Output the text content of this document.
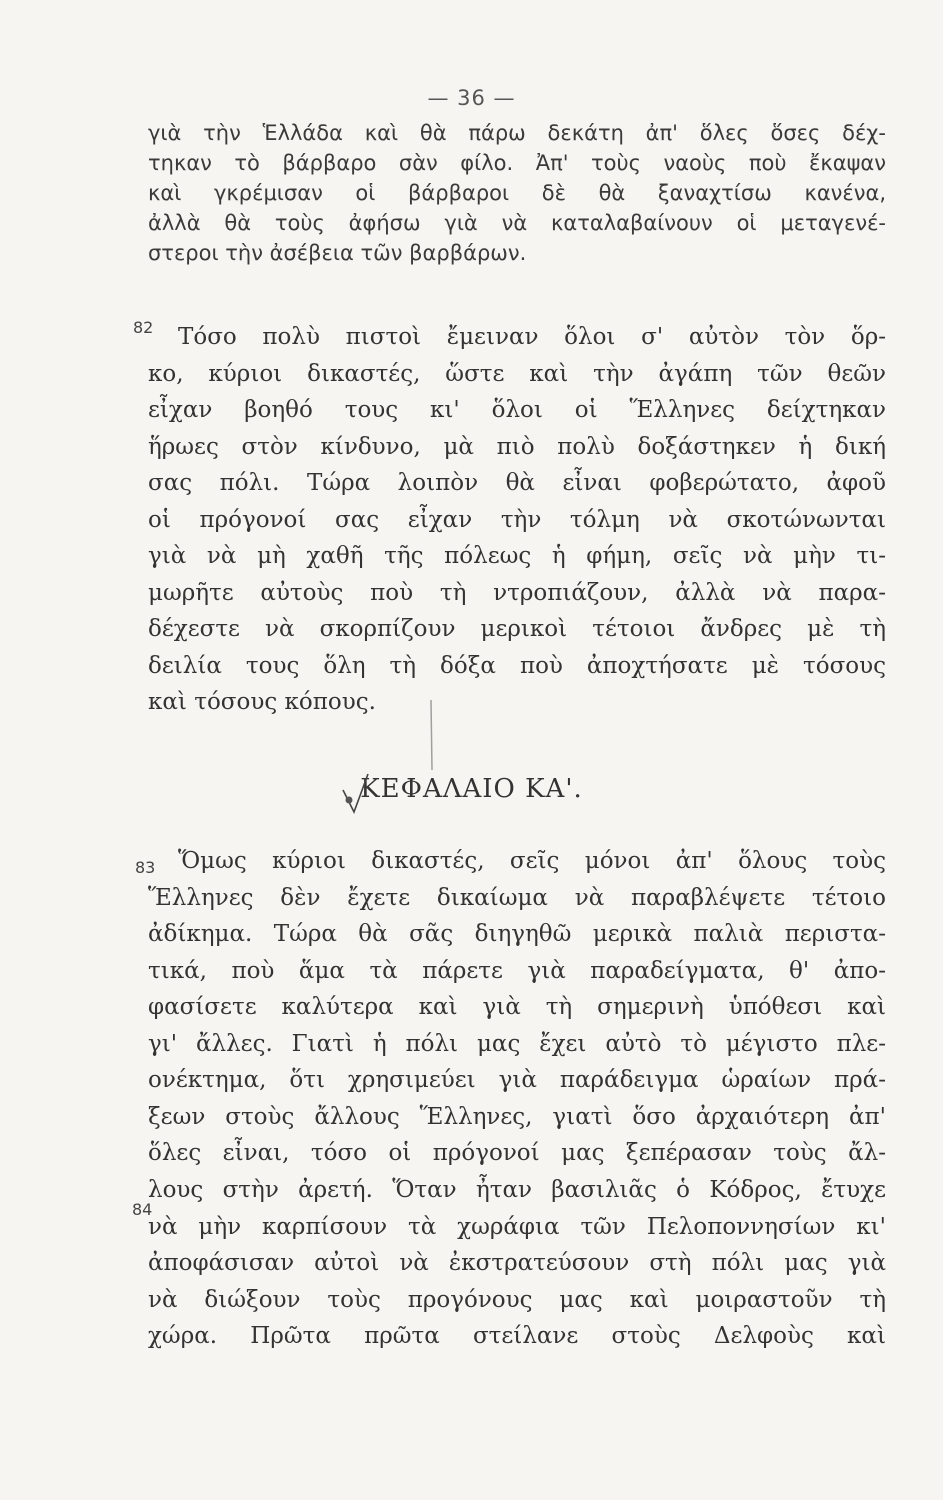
— 36 —
γιὰ τὴν Ἑλλάδα καὶ θὰ πάρω δεκάτη ἀπ' ὅλες ὅσες δέχ-
τηκαν τὸ βάρβαρο σὰν φίλο. Ἀπ' τοὺς ναοὺς ποὺ ἔκαψαν
καὶ γκρέμισαν οἱ βάρβαροι δὲ θὰ ξαναχτίσω κανένα,
ἀλλὰ θὰ τοὺς ἀφήσω γιὰ νὰ καταλαβαίνουν οἱ μεταγενέ-
στεροι τὴν ἀσέβεια τῶν βαρβάρων.
82	Τόσο πολὺ πιστοὶ ἔμειναν ὅλοι σ' αὐτὸν τὸν ὅρ-
κο, κύριοι δικαστές, ὥστε καὶ τὴν ἀγάπη τῶν θεῶν
εἶχαν βοηθό τους κι' ὅλοι οἱ Ἕλληνες δείχτηκαν
ἥρωες στὸν κίνδυνο, μὰ πιὸ πολὺ δοξάστηκεν ἡ δική
σας πόλι. Τώρα λοιπὸν θὰ εἶναι φοβερώτατο, ἀφοῦ
οἱ πρόγονοί σας εἶχαν τὴν τόλμη νὰ σκοτώνωνται
γιὰ νὰ μὴ χαθῆ τῆς πόλεως ἡ φήμη, σεῖς νὰ μὴν τι-
μωρῆτε αὐτοὺς ποὺ τὴ ντροπιάζουν, ἀλλὰ νὰ παρα-
δέχεστε νὰ σκορπίζουν μερικοὶ τέτοιοι ἄνδρες μὲ τὴ
δειλία τους ὅλη τὴ δόξα ποὺ ἀποχτήσατε μὲ τόσους
καὶ τόσους κόπους.
ΚΕΦΑΛΑΙΟ ΚΑ'.
83 Ὅμως κύριοι δικαστές, σεῖς μόνοι ἀπ' ὅλους τοὺς
Ἕλληνες δὲν ἔχετε δικαίωμα νὰ παραβλέψετε τέτοιο
ἀδίκημα. Τώρα θὰ σᾶς διηγηθῶ μερικὰ παλιὰ περιστα-
τικά, ποὺ ἅμα τὰ πάρετε γιὰ παραδείγματα, θ' ἀπο-
φασίσετε καλύτερα καὶ γιὰ τὴ σημερινὴ ὑπόθεσι καὶ
γι' ἄλλες. Γιατὶ ἡ πόλι μας ἔχει αὐτὸ τὸ μέγιστο πλε-
ονέκτημα, ὅτι χρησιμεύει γιὰ παράδειγμα ὡραίων πρά-
ξεων στοὺς ἄλλους Ἕλληνες, γιατὶ ὅσο ἀρχαιότερη ἀπ'
ὅλες εἶναι, τόσο οἱ πρόγονοί μας ξεπέρασαν τοὺς ἄλ-
84
λους στὴν ἀρετή. Ὅταν ἦταν βασιλιᾶς ὁ Κόδρος, ἔτυχε
νὰ μὴν καρπίσουν τὰ χωράφια τῶν Πελοποννησίων κι'
ἀποφάσισαν αὐτοὶ νὰ ἐκστρατεύσουν στὴ πόλι μας γιὰ
νὰ διώξουν τοὺς προγόνους μας καὶ μοιραστοῦν τὴ
χώρα. Πρῶτα πρῶτα στείλανε στοὺς Δελφοὺς καὶ
